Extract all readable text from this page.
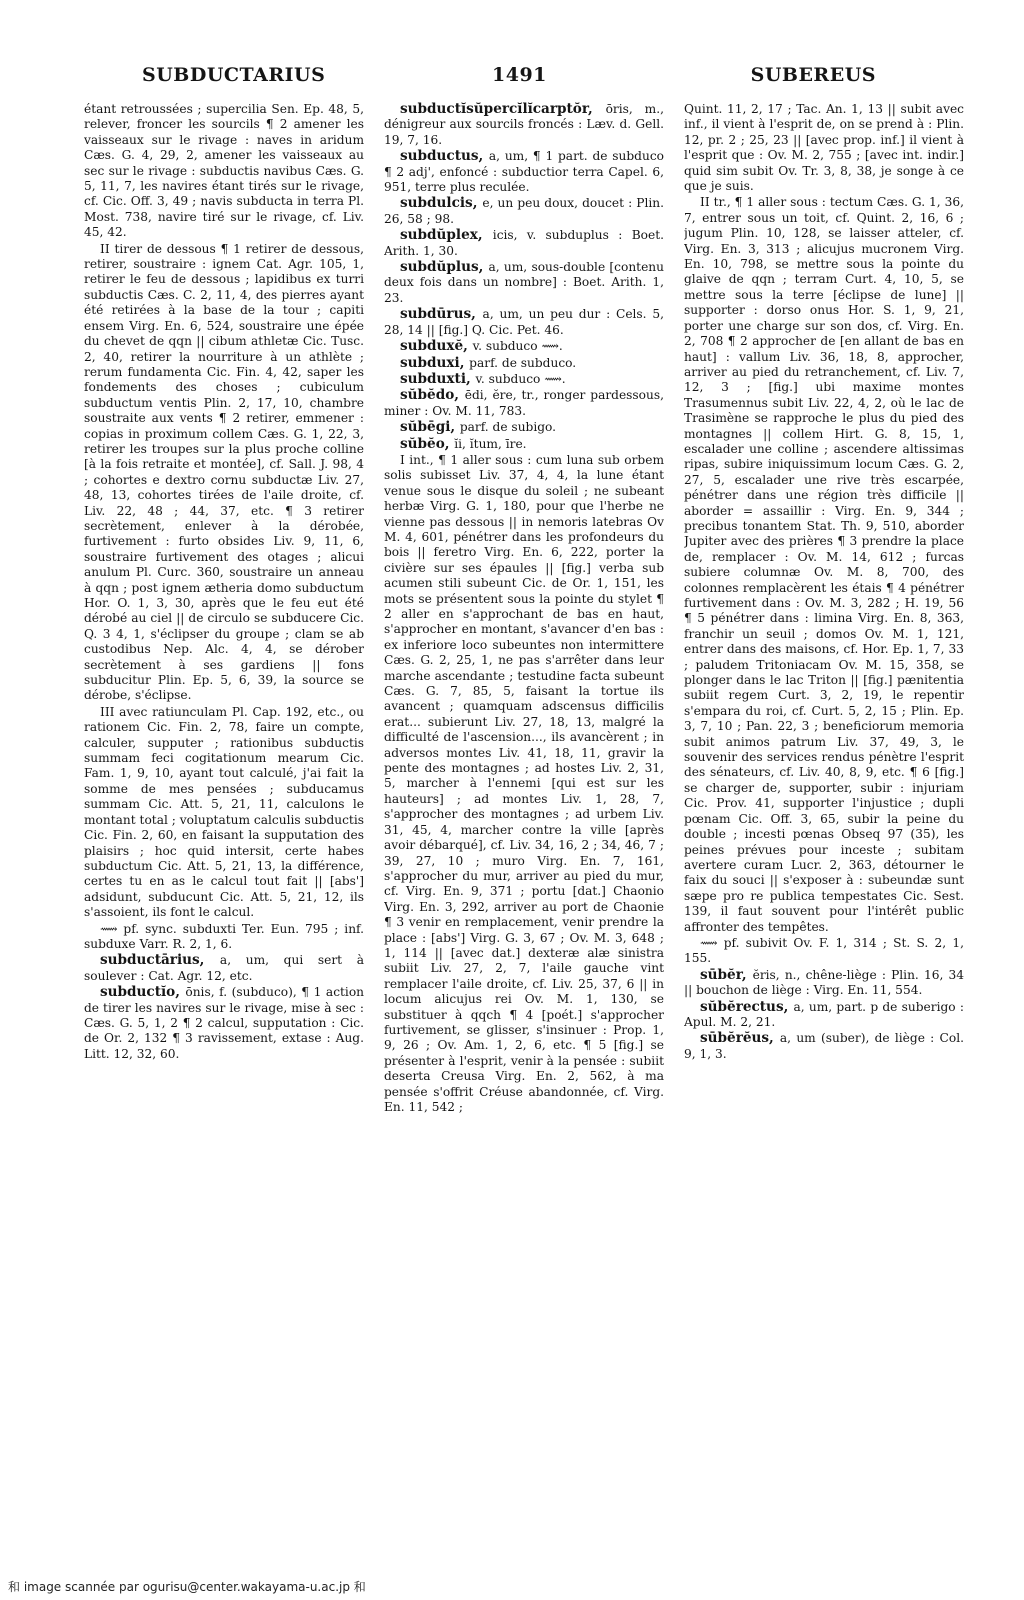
SUBDUCTARIUS	1491	SUBEREUS

étant retroussées ; supercilia Sen. Ep. 48, 5, relever, froncer les sourcils ¶ 2 amener les vaisseaux sur le rivage : naves in aridum Cæs. G. 4, 29, 2, amener les vaisseaux au sec sur le rivage : subductis navibus Cæs. G. 5, 11, 7, les navires étant tirés sur le rivage, cf. Cic. Off. 3, 49 ; navis subducta in terra Pl. Most. 738, navire tiré sur le rivage, cf. Liv. 45, 42.

II tirer de dessous ¶ 1 retirer de dessous, retirer, soustraire : ignem Cat. Agr. 105, 1, retirer le feu de dessous ; lapidibus ex turri subductis Cæs. C. 2, 11, 4, des pierres ayant été retirées à la base de la tour ; capiti ensem Virg. En. 6, 524, soustraire une épée du chevet de qqn || cibum athletæ Cic. Tusc. 2, 40, retirer la nourriture à un athlète ; rerum fundamenta Cic. Fin. 4, 42, saper les fondements des choses ; cubiculum subductum ventis Plin. 2, 17, 10, chambre soustraite aux vents ¶ 2 retirer, emmener : copias in proximum collem Cæs. G. 1, 22, 3, retirer les troupes sur la plus proche colline [à la fois retraite et montée], cf. Sall. J. 98, 4 ; cohortes e dextro cornu subductæ Liv. 27, 48, 13, cohortes tirées de l'aile droite, cf. Liv. 22, 48 ; 44, 37, etc. ¶ 3 retirer secrètement, enlever à la dérobée, furtivement : furto obsides Liv. 9, 11, 6, soustraire furtivement des otages ; alicui anulum Pl. Curc. 360, soustraire un anneau à qqn ; post ignem ætheria domo subductum Hor. O. 1, 3, 30, après que le feu eut été dérobé au ciel || de circulo se subducere Cic. Q. 3 4, 1, s'éclipser du groupe ; clam se ab custodibus Nep. Alc. 4, 4, se dérober secrètement à ses gardiens || fons subducitur Plin. Ep. 5, 6, 39, la source se dérobe, s'éclipse.

III avec ratiunculam Pl. Cap. 192, etc., ou rationem Cic. Fin. 2, 78, faire un compte, calculer, supputer ; rationibus subductis summam feci cogitationum mearum Cic. Fam. 1, 9, 10, ayant tout calculé, j'ai fait la somme de mes pensées ; subducamus summam Cic. Att. 5, 21, 11, calculons le montant total ; voluptatum calculis subductis Cic. Fin. 2, 60, en faisant la supputation des plaisirs ; hoc quid intersit, certe habes subductum Cic. Att. 5, 21, 13, la différence, certes tu en as le calcul tout fait || [abs'] adsidunt, subducunt Cic. Att. 5, 21, 12, ils s'assoient, ils font le calcul.

⟿ pf. sync. subduxti Ter. Eun. 795 ; inf. subduxe Varr. R. 2, 1, 6.

subductārius, a, um, qui sert à soulever : Cat. Agr. 12, etc.

subductĭo, ōnis, f. (subduco), ¶ 1 action de tirer les navires sur le rivage, mise à sec : Cæs. G. 5, 1, 2 ¶ 2 calcul, supputation : Cic. de Or. 2, 132 ¶ 3 ravissement, extase : Aug. Litt. 12, 32, 60.

subductĭsŭpercĭlĭcarptŏr, ōris, m., dénigreur aux sourcils froncés : Læv. d. Gell. 19, 7, 16.

subductus, a, um, ¶ 1 part. de subduco ¶ 2 adj', enfoncé : subductior terra Capel. 6, 951, terre plus reculée.

subdulcis, e, un peu doux, doucet : Plin. 26, 58 ; 98.

subdŭplex, icis, v. subduplus : Boet. Arith. 1, 30.

subdŭplus, a, um, sous-double [contenu deux fois dans un nombre] : Boet. Arith. 1, 23.

subdūrus, a, um, un peu dur : Cels. 5, 28, 14 || [fig.] Q. Cic. Pet. 46.

subduxĕ, v. subduco ⟿.

subduxi, parf. de subduco.

subduxti, v. subduco ⟿.

sŭbĕdo, ēdi, ĕre, tr., ronger pardessous, miner : Ov. M. 11, 783.

sŭbēgi, parf. de subigo.

sŭbĕo, ĭi, ĭtum, īre.

I int., ¶ 1 aller sous : cum luna sub orbem solis subisset Liv. 37, 4, 4, la lune étant venue sous le disque du soleil ; ne subeant herbæ Virg. G. 1, 180, pour que l'herbe ne vienne pas dessous || in nemoris latebras Ov M. 4, 601, pénétrer dans les profondeurs du bois || feretro Virg. En. 6, 222, porter la civière sur ses épaules || [fig.] verba sub acumen stili subeunt Cic. de Or. 1, 151, les mots se présentent sous la pointe du stylet ¶ 2 aller en s'approchant de bas en haut, s'approcher en montant, s'avancer d'en bas : ex inferiore loco subeuntes non intermittere Cæs. G. 2, 25, 1, ne pas s'arrêter dans leur marche ascendante ; testudine facta subeunt Cæs. G. 7, 85, 5, faisant la tortue ils avancent ; quamquam adscensus difficilis erat... subierunt Liv. 27, 18, 13, malgré la difficulté de l'ascension..., ils avancèrent ; in adversos montes Liv. 41, 18, 11, gravir la pente des montagnes ; ad hostes Liv. 2, 31, 5, marcher à l'ennemi [qui est sur les hauteurs] ; ad montes Liv. 1, 28, 7, s'approcher des montagnes ; ad urbem Liv. 31, 45, 4, marcher contre la ville [après avoir débarqué], cf. Liv. 34, 16, 2 ; 34, 46, 7 ; 39, 27, 10 ; muro Virg. En. 7, 161, s'approcher du mur, arriver au pied du mur, cf. Virg. En. 9, 371 ; portu [dat.] Chaonio Virg. En. 3, 292, arriver au port de Chaonie ¶ 3 venir en remplacement, venir prendre la place : [abs'] Virg. G. 3, 67 ; Ov. M. 3, 648 ; 1, 114 || [avec dat.] dexteræ alæ sinistra subiit Liv. 27, 2, 7, l'aile gauche vint remplacer l'aile droite, cf. Liv. 25, 37, 6 || in locum alicujus rei Ov. M. 1, 130, se substituer à qqch ¶ 4 [poét.] s'approcher furtivement, se glisser, s'insinuer : Prop. 1, 9, 26 ; Ov. Am. 1, 2, 6, etc. ¶ 5 [fig.] se présenter à l'esprit, venir à la pensée : subiit deserta Creusa Virg. En. 2, 562, à ma pensée s'offrit Créuse abandonnée, cf. Virg. En. 11, 542 ;

Quint. 11, 2, 17 ; Tac. An. 1, 13 || subit avec inf., il vient à l'esprit de, on se prend à : Plin. 12, pr. 2 ; 25, 23 || [avec prop. inf.] il vient à l'esprit que : Ov. M. 2, 755 ; [avec int. indir.] quid sim subit Ov. Tr. 3, 8, 38, je songe à ce que je suis.

II tr., ¶ 1 aller sous : tectum Cæs. G. 1, 36, 7, entrer sous un toit, cf. Quint. 2, 16, 6 ; jugum Plin. 10, 128, se laisser atteler, cf. Virg. En. 3, 313 ; alicujus mucronem Virg. En. 10, 798, se mettre sous la pointe du glaive de qqn ; terram Curt. 4, 10, 5, se mettre sous la terre [éclipse de lune] || supporter : dorso onus Hor. S. 1, 9, 21, porter une charge sur son dos, cf. Virg. En. 2, 708 ¶ 2 approcher de [en allant de bas en haut] : vallum Liv. 36, 18, 8, approcher, arriver au pied du retranchement, cf. Liv. 7, 12, 3 ; [fig.] ubi maxime montes Trasumennus subit Liv. 22, 4, 2, où le lac de Trasimène se rapproche le plus du pied des montagnes || collem Hirt. G. 8, 15, 1, escalader une colline ; ascendere altissimas ripas, subire iniquissimum locum Cæs. G. 2, 27, 5, escalader une rive très escarpée, pénétrer dans une région très difficile || aborder = assaillir : Virg. En. 9, 344 ; precibus tonantem Stat. Th. 9, 510, aborder Jupiter avec des prières ¶ 3 prendre la place de, remplacer : Ov. M. 14, 612 ; furcas subiere columnæ Ov. M. 8, 700, des colonnes remplacèrent les étais ¶ 4 pénétrer furtivement dans : Ov. M. 3, 282 ; H. 19, 56 ¶ 5 pénétrer dans : limina Virg. En. 8, 363, franchir un seuil ; domos Ov. M. 1, 121, entrer dans des maisons, cf. Hor. Ep. 1, 7, 33 ; paludem Tritoniacam Ov. M. 15, 358, se plonger dans le lac Triton || [fig.] pænitentia subiit regem Curt. 3, 2, 19, le repentir s'empara du roi, cf. Curt. 5, 2, 15 ; Plin. Ep. 3, 7, 10 ; Pan. 22, 3 ; beneficiorum memoria subit animos patrum Liv. 37, 49, 3, le souvenir des services rendus pénètre l'esprit des sénateurs, cf. Liv. 40, 8, 9, etc. ¶ 6 [fig.] se charger de, supporter, subir : injuriam Cic. Prov. 41, supporter l'injustice ; dupli pœnam Cic. Off. 3, 65, subir la peine du double ; incesti pœnas Obseq 97 (35), les peines prévues pour inceste ; subitam avertere curam Lucr. 2, 363, détourner le faix du souci || s'exposer à : subeundæ sunt sæpe pro re publica tempestates Cic. Sest. 139, il faut souvent pour l'intérêt public affronter des tempêtes.

⟿ pf. subivit Ov. F. 1, 314 ; St. S. 2, 1, 155.

sūbĕr, ĕris, n., chêne-liège : Plin. 16, 34 || bouchon de liège : Virg. En. 11, 554.

sŭbĕrectus, a, um, part. p de suberigo : Apul. M. 2, 21.

sūbĕrĕus, a, um (suber), de liège : Col. 9, 1, 3.

和 image scannée par ogurisu@center.wakayama-u.ac.jp 和
